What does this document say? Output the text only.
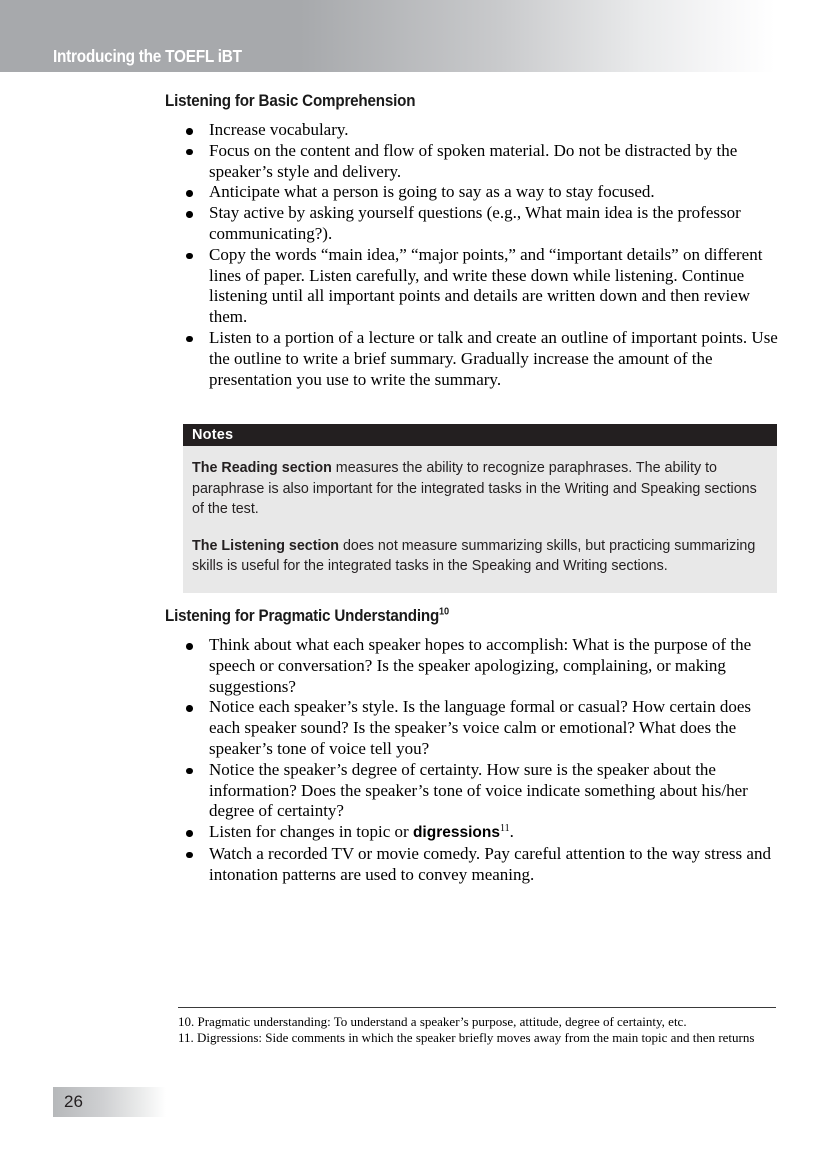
Introducing the TOEFL iBT
Listening for Basic Comprehension
Increase vocabulary.
Focus on the content and flow of spoken material. Do not be distracted by the speaker’s style and delivery.
Anticipate what a person is going to say as a way to stay focused.
Stay active by asking yourself questions (e.g., What main idea is the professor communicating?).
Copy the words “main idea,” “major points,” and “important details” on different lines of paper. Listen carefully, and write these down while listening. Continue listening until all important points and details are written down and then review them.
Listen to a portion of a lecture or talk and create an outline of important points. Use the outline to write a brief summary. Gradually increase the amount of the presentation you use to write the summary.
Notes

The Reading section measures the ability to recognize paraphrases. The ability to paraphrase is also important for the integrated tasks in the Writing and Speaking sections of the test.

The Listening section does not measure summarizing skills, but practicing summarizing skills is useful for the integrated tasks in the Speaking and Writing sections.

Listening for Pragmatic Understanding$^{10}$
Think about what each speaker hopes to accomplish: What is the purpose of the speech or conversation? Is the speaker apologizing, complaining, or making suggestions?
Notice each speaker’s style. Is the language formal or casual? How certain does each speaker sound? Is the speaker’s voice calm or emotional? What does the speaker’s tone of voice tell you?
Notice the speaker’s degree of certainty. How sure is the speaker about the information? Does the speaker’s tone of voice indicate something about his/her degree of certainty?
Listen for changes in topic or digressions$^{11}$.
Watch a recorded TV or movie comedy. Pay careful attention to the way stress and intonation patterns are used to convey meaning.

10. Pragmatic understanding: To understand a speaker’s purpose, attitude, degree of certainty, etc.

11. Digressions: Side comments in which the speaker briefly moves away from the main topic and then returns

26
